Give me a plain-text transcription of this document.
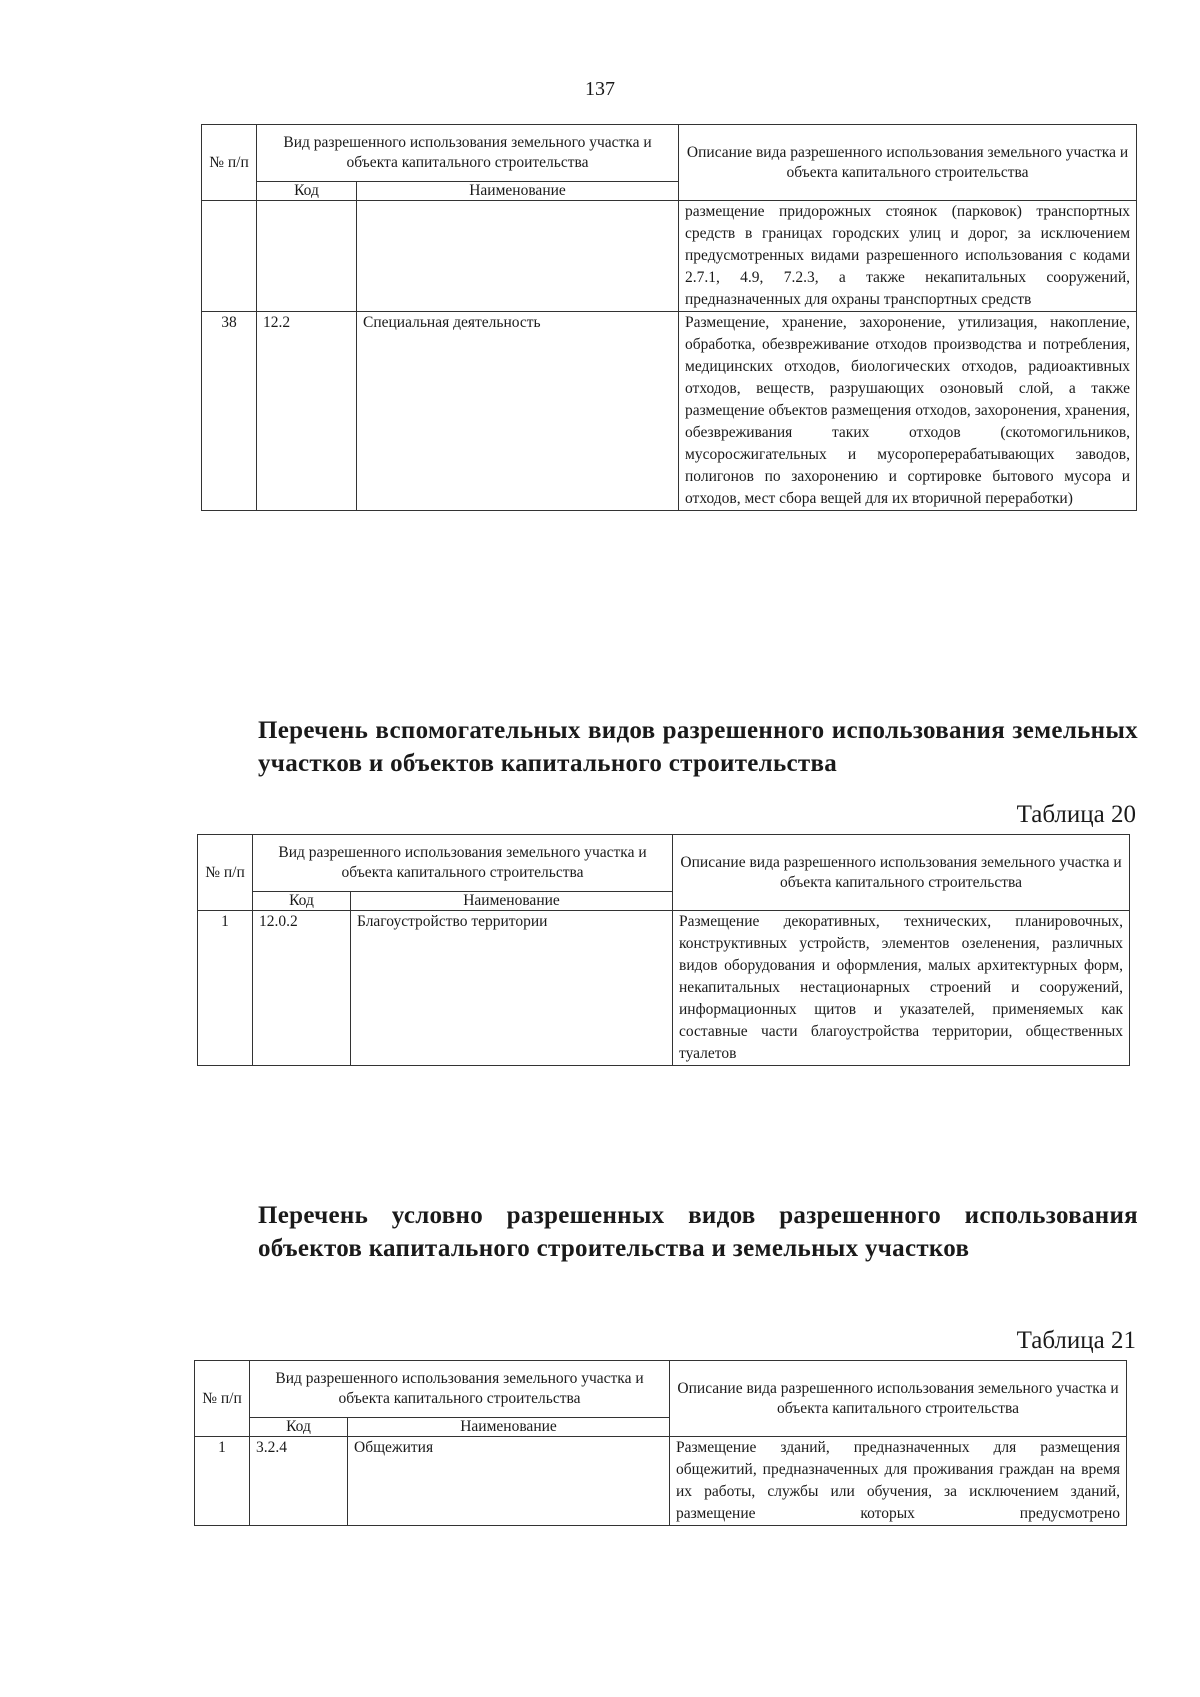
137
№ п/п	Вид разрешенного использования земельного участка и объекта капитального строительства		Описание вида разрешенного использования земельного участка и объекта капитального строительства
	Код	Наименование	
			размещение придорожных стоянок (парковок) транспортных средств в границах городских улиц и дорог, за исключением предусмотренных видами разрешенного использования с кодами 2.7.1, 4.9, 7.2.3, а также некапитальных сооружений, предназначенных для охраны транспортных средств
38	12.2	Специальная деятельность	Размещение, хранение, захоронение, утилизация, накопление, обработка, обезвреживание отходов производства и потребления, медицинских отходов, биологических отходов, радиоактивных отходов, веществ, разрушающих озоновый слой, а также размещение объектов размещения отходов, захоронения, хранения, обезвреживания таких отходов (скотомогильников, мусоросжигательных и мусороперерабатывающих заводов, полигонов по захоронению и сортировке бытового мусора и отходов, мест сбора вещей для их вторичной переработки)
Перечень вспомогательных видов разрешенного использования земельных участков и объектов капитального строительства
Таблица 20
№ п/п	Вид разрешенного использования земельного участка и объекта капитального строительства		Описание вида разрешенного использования земельного участка и объекта капитального строительства
	Код	Наименование	
1	12.0.2	Благоустройство территории	Размещение декоративных, технических, планировочных, конструктивных устройств, элементов озеленения, различных видов оборудования и оформления, малых архитектурных форм, некапитальных нестационарных строений и сооружений, информационных щитов и указателей, применяемых как составные части благоустройства территории, общественных туалетов
Перечень условно разрешенных видов разрешенного использования объектов капитального строительства и земельных участков
Таблица 21
№ п/п	Вид разрешенного использования земельного участка и объекта капитального строительства		Описание вида разрешенного использования земельного участка и объекта капитального строительства
	Код	Наименование	
1	3.2.4	Общежития	Размещение зданий, предназначенных для размещения общежитий, предназначенных для проживания граждан на время их работы, службы или обучения, за исключением зданий, размещение которых предусмотрено
